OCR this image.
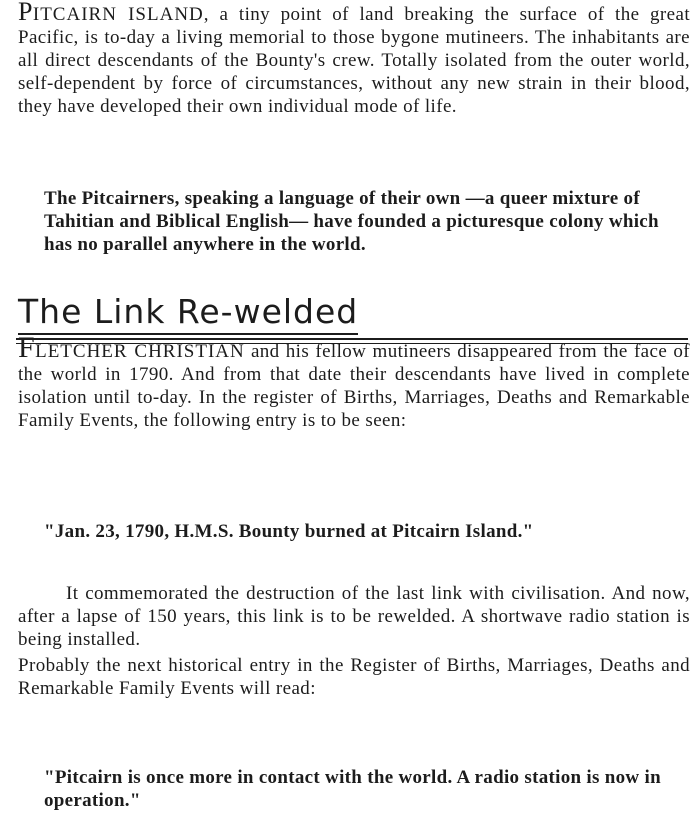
PITCAIRN ISLAND, a tiny point of land breaking the surface of the great Pacific, is to-day a living memorial to those bygone mutineers. The inhabitants are all direct descendants of the Bounty's crew. Totally isolated from the outer world, self-dependent by force of circumstances, without any new strain in their blood, they have developed their own individual mode of life.

The Pitcairners, speaking a language of their own —a queer mixture of Tahitian and Biblical English— have founded a picturesque colony which has no parallel anywhere in the world.

The Link Re-welded

FLETCHER CHRISTIAN and his fellow mutineers disappeared from the face of the world in 1790. And from that date their descendants have lived in complete isolation until to-day. In the register of Births, Marriages, Deaths and Remarkable Family Events, the following entry is to be seen:

"Jan. 23, 1790, H.M.S. Bounty burned at Pitcairn Island."

It commemorated the destruction of the last link with civilisation. And now, after a lapse of 150 years, this link is to be rewelded. A shortwave radio station is being installed.

Probably the next historical entry in the Register of Births, Marriages, Deaths and Remarkable Family Events will read:

"Pitcairn is once more in contact with the world. A radio station is now in operation."
